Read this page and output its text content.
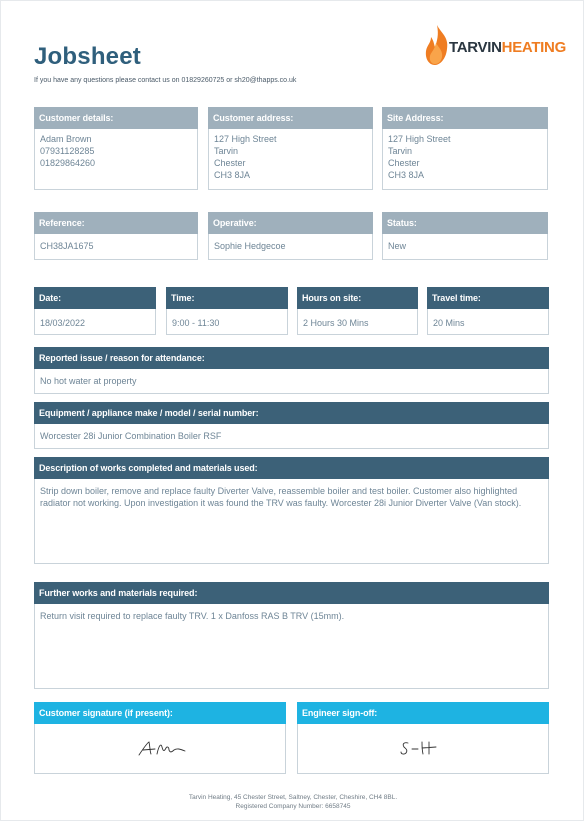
Jobsheet
If you have any questions please contact us on 01829260725 or sh20@thapps.co.uk
TARVINHEATING
Customer details:
Adam Brown
07931128285
01829864260
Customer address:
127 High Street
Tarvin
Chester
CH3 8JA
Site Address:
127 High Street
Tarvin
Chester
CH3 8JA
Reference:
CH38JA1675
Operative:
Sophie Hedgecoe
Status:
New
Date:
18/03/2022
Time:
9:00 - 11:30
Hours on site:
2 Hours 30 Mins
Travel time:
20 Mins
Reported issue / reason for attendance:
No hot water at property
Equipment / appliance make / model / serial number:
Worcester 28i Junior Combination Boiler RSF
Description of works completed and materials used:
Strip down boiler, remove and replace faulty Diverter Valve, reassemble boiler and test boiler. Customer also highlighted radiator not working. Upon investigation it was found the TRV was faulty. Worcester 28i Junior Diverter Valve (Van stock).
Further works and materials required:
Return visit required to replace faulty TRV. 1 x Danfoss RAS B TRV (15mm).
Customer signature (if present):	Engineer sign-off:
Tarvin Heating, 45 Chester Street, Saltney, Chester, Cheshire, CH4 8BL.
Registered Company Number: 6658745
